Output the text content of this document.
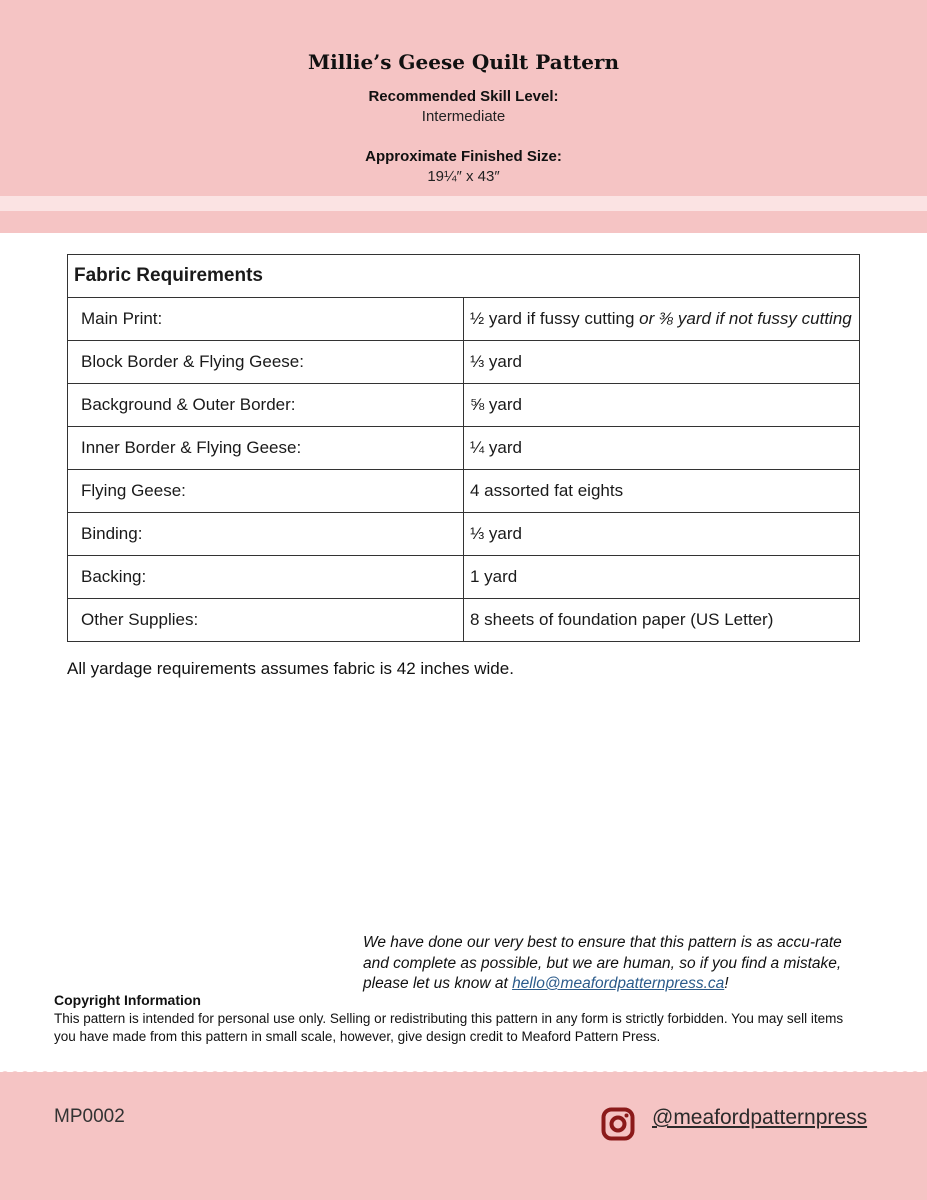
Millie’s Geese Quilt Pattern
Recommended Skill Level:
Intermediate
Approximate Finished Size:
19¼″ x 43″
Fabric Requirements	
Main Print:	½ yard if fussy cutting or ⅜ yard if not fussy cutting
Block Border & Flying Geese:	⅓ yard
Background & Outer Border:	⅝ yard
Inner Border & Flying Geese:	¼ yard
Flying Geese:	4 assorted fat eights
Binding:	⅓ yard
Backing:	1 yard
Other Supplies:	8 sheets of foundation paper (US Letter)
All yardage requirements assumes fabric is 42 inches wide.
We have done our very best to ensure that this pattern is as accu-rate and complete as possible, but we are human, so if you find a mistake, please let us know at hello@meafordpatternpress.ca!
Copyright Information
This pattern is intended for personal use only. Selling or redistributing this pattern in any form is strictly forbidden. You may sell items you have made from this pattern in small scale, however, give design credit to Meaford Pattern Press.
MP0002	@meafordpatternpress
